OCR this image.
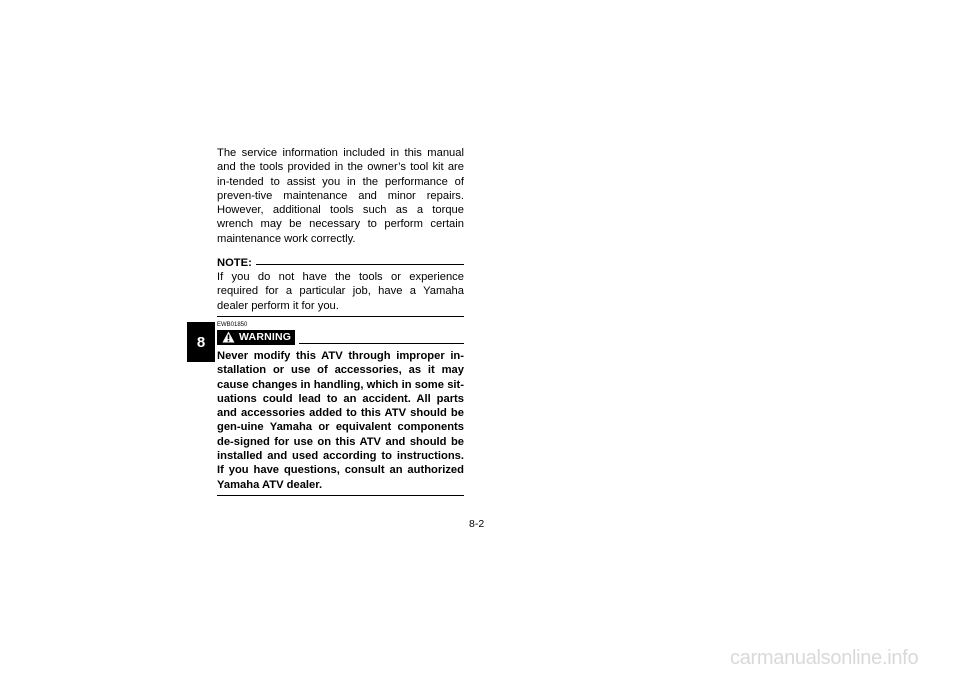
8

The service information included in this manual and the tools provided in the owner’s tool kit are in-tended to assist you in the performance of preven-tive maintenance and minor repairs. However, additional tools such as a torque wrench may be necessary to perform certain maintenance work correctly.

NOTE:

If you do not have the tools or experience required for a particular job, have a Yamaha dealer perform it for you.

EWB01850
WARNING

Never modify this ATV through improper in-stallation or use of accessories, as it may cause changes in handling, which in some sit-uations could lead to an accident. All parts and accessories added to this ATV should be gen-uine Yamaha or equivalent components de-signed for use on this ATV and should be installed and used according to instructions. If you have questions, consult an authorized Yamaha ATV dealer.

8-2
carmanualsonline.info
